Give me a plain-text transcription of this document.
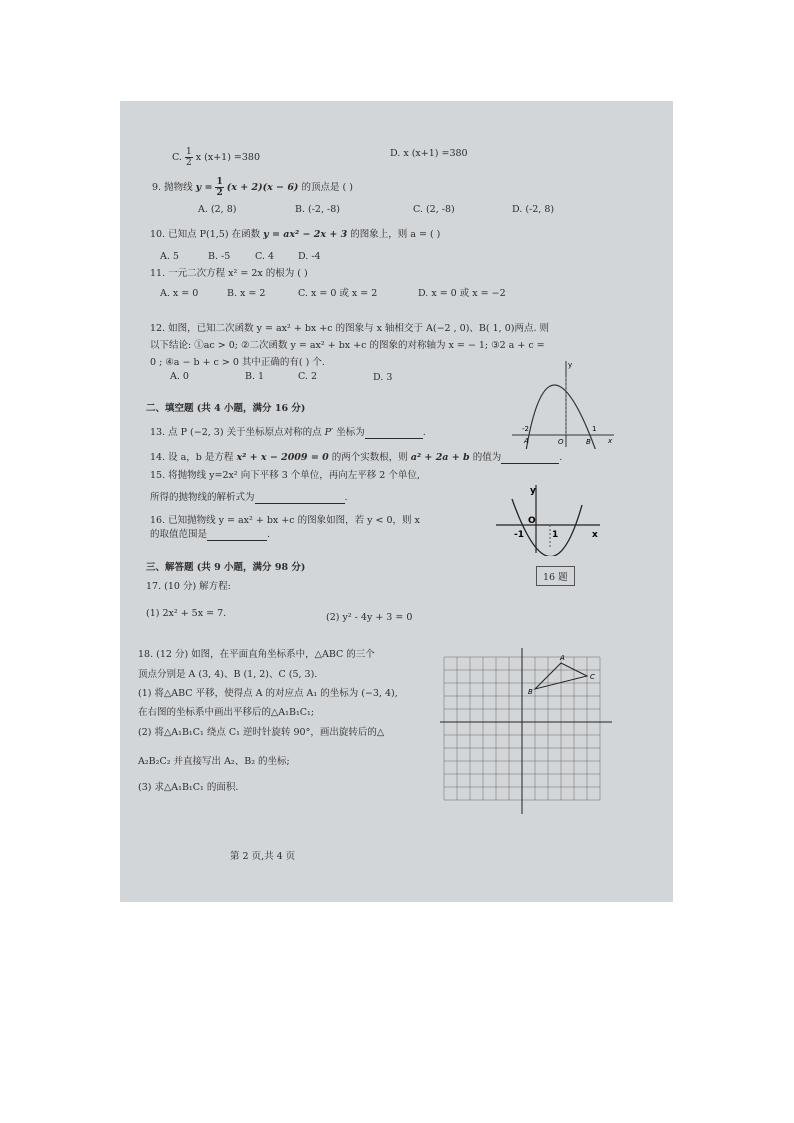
C. $\frac{1}{2}$ x (x+1) =380	D. x (x+1) =380
9. 抛物线 $y = \frac{1}{2} (x + 2)(x - 6)$ 的顶点是 ( )
A. (2, 8)	B. (-2, -8)	C. (2, -8)	D. (-2, 8)
10. 已知点 P(1,5) 在函数 y = ax² − 2x + 3 的图象上，则 a = ( )
A. 5	B. -5	C. 4	D. -4
11. 一元二次方程 x² = 2x 的根为 ( )
A. x = 0	B. x = 2	C. x = 0 或 x = 2	D. x = 0 或 x = −2
12. 如图，已知二次函数 y = ax² + bx +c 的图象与 x 轴相交于 A(−2 , 0)、B( 1, 0)两点. 则
以下结论: ①ac > 0; ②二次函数 y = ax² + bx +c 的图象的对称轴为 x = − 1; ③2 a + c =
0 ; ④a − b + c > 0 其中正确的有( ) 个.
A. 0	B. 1	C. 2	D. 3
y
-2
A	O	B
1
x
二、填空题 (共 4 小题，满分 16 分)
13. 点 P (−2, 3) 关于坐标原点对称的点 P′ 坐标为	.
14. 设 a，b 是方程 x² + x − 2009 = 0 的两个实数根，则 a² + 2a + b 的值为	.
15. 将抛物线 y=2x² 向下平移 3 个单位，再向左平移 2 个单位,
所得的抛物线的解析式为	.
16. 已知抛物线 y = ax² + bx +c 的图象如图，若 y < 0，则 x
的取值范围是	.
y
O
-1	1	x
16 题
三、解答题 (共 9 小题，满分 98 分)
17. (10 分) 解方程:
(1) 2x² + 5x = 7.	(2) y² - 4y + 3 = 0
18. (12 分) 如图，在平面直角坐标系中，△ABC 的三个
顶点分别是 A (3, 4)、B (1, 2)、C (5, 3).
(1) 将△ABC 平移，使得点 A 的对应点 A₁ 的坐标为 (−3, 4),
在右图的坐标系中画出平移后的△A₁B₁C₁;
(2) 将△A₁B₁C₁ 绕点 C₁ 逆时针旋转 90°，画出旋转后的△
A₂B₂C₂ 并直接写出 A₂、B₂ 的坐标;
(3) 求△A₁B₁C₁ 的面积.
A
B
C
第 2 页,共 4 页
